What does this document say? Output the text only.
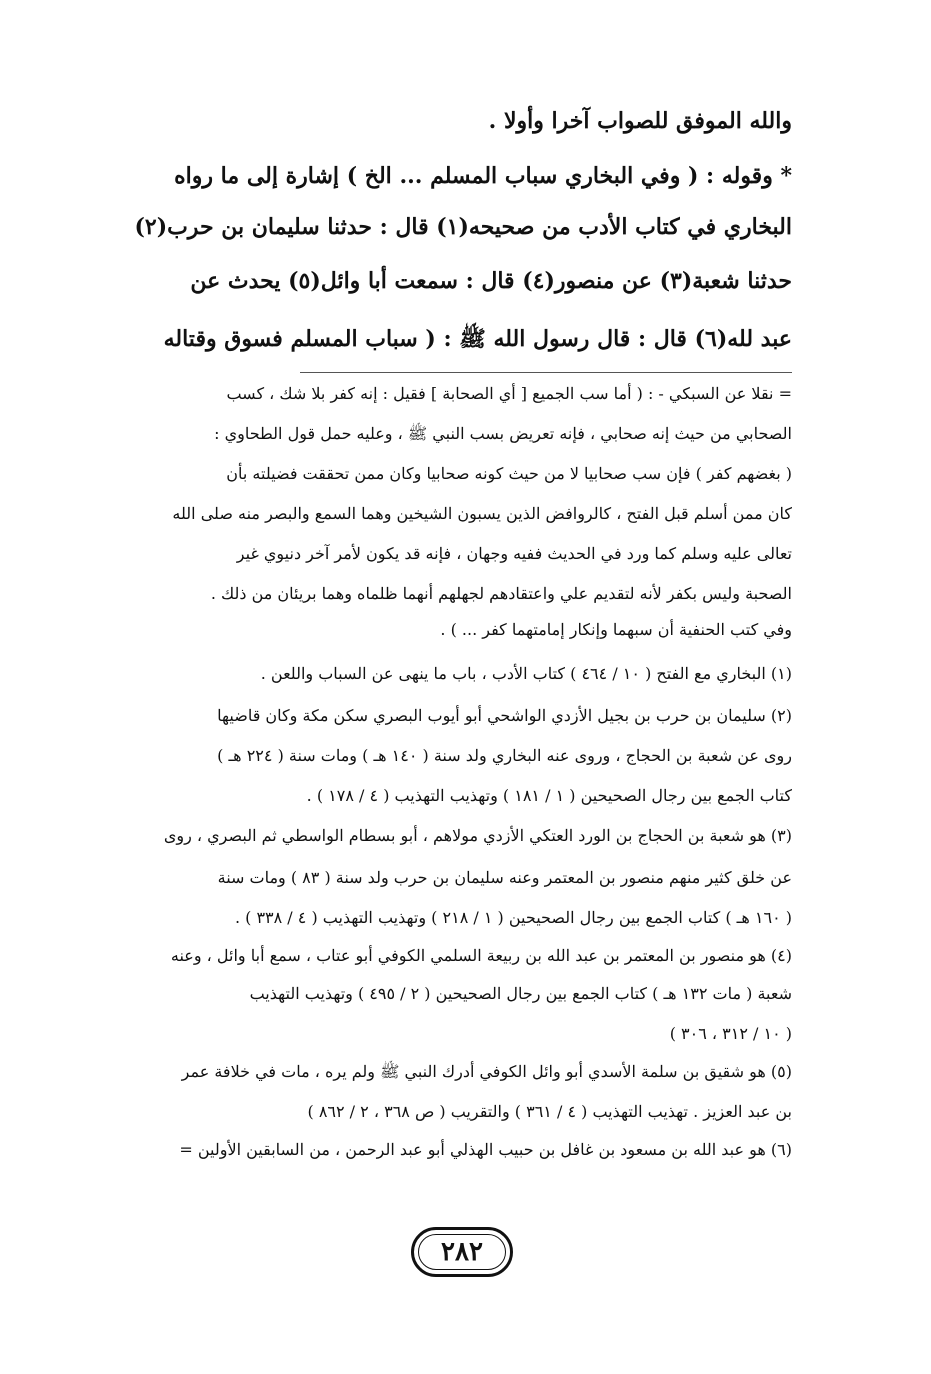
والله الموفق للصواب آخرا وأولا .
* وقوله : ( وفي البخاري سباب المسلم ... الخ ) إشارة إلى ما رواه
البخاري في كتاب الأدب من صحيحه(١) قال : حدثنا سليمان بن حرب(٢)
حدثنا شعبة(٣) عن منصور(٤) قال : سمعت أبا وائل(٥) يحدث عن
عبد لله(٦) قال : قال رسول الله ﷺ : ( سباب المسلم فسوق وقتاله
= نقلا عن السبكي - : ( أما سب الجميع [ أي الصحابة ] فقيل : إنه كفر بلا شك ، كسب
الصحابي من حيث إنه صحابي ، فإنه تعريض بسب النبي ﷺ ، وعليه حمل قول الطحاوي :
( بغضهم كفر ) فإن سب صحابيا لا من حيث كونه صحابيا وكان ممن تحققت فضيلته بأن
كان ممن أسلم قبل الفتح ، كالروافض الذين يسبون الشيخين وهما السمع والبصر منه صلى الله
تعالى عليه وسلم كما ورد في الحديث ففيه وجهان ، فإنه قد يكون لأمر آخر دنيوي غير
الصحبة وليس بكفر لأنه لتقديم علي واعتقادهم لجهلهم أنهما ظلماه وهما بريئان من ذلك .
وفي كتب الحنفية أن سبهما وإنكار إمامتهما كفر ... ) .
(١) البخاري مع الفتح ( ١٠ / ٤٦٤ ) كتاب الأدب ، باب ما ينهى عن السباب واللعن .
(٢) سليمان بن حرب بن بجيل الأزدي الواشحي أبو أيوب البصري سكن مكة وكان قاضيها
روى عن شعبة بن الحجاج ، وروى عنه البخاري ولد سنة ( ١٤٠ هـ ) ومات سنة ( ٢٢٤ هـ )
كتاب الجمع بين رجال الصحيحين ( ١ / ١٨١ ) وتهذيب التهذيب ( ٤ / ١٧٨ ) .
(٣) هو شعبة بن الحجاج بن الورد العتكي الأزدي مولاهم ، أبو بسطام الواسطي ثم البصري ، روى
عن خلق كثير منهم منصور بن المعتمر وعنه سليمان بن حرب ولد سنة ( ٨٣ ) ومات سنة
( ١٦٠ هـ ) كتاب الجمع بين رجال الصحيحين ( ١ / ٢١٨ ) وتهذيب التهذيب ( ٤ / ٣٣٨ ) .
(٤) هو منصور بن المعتمر بن عبد الله بن ربيعة السلمي الكوفي أبو عتاب ، سمع أبا وائل ، وعنه
شعبة ( مات ١٣٢ هـ ) كتاب الجمع بين رجال الصحيحين ( ٢ / ٤٩٥ ) وتهذيب التهذيب
( ١٠ / ٣١٢ ، ٣٠٦ )
(٥) هو شقيق بن سلمة الأسدي أبو وائل الكوفي أدرك النبي ﷺ ولم يره ، مات في خلافة عمر
بن عبد العزيز . تهذيب التهذيب ( ٤ / ٣٦١ ) والتقريب ( ص ٣٦٨ ، ٢ / ٨٦٢ )
(٦) هو عبد الله بن مسعود بن غافل بن حبيب الهذلي أبو عبد الرحمن ، من السابقين الأولين =
٢٨٢
